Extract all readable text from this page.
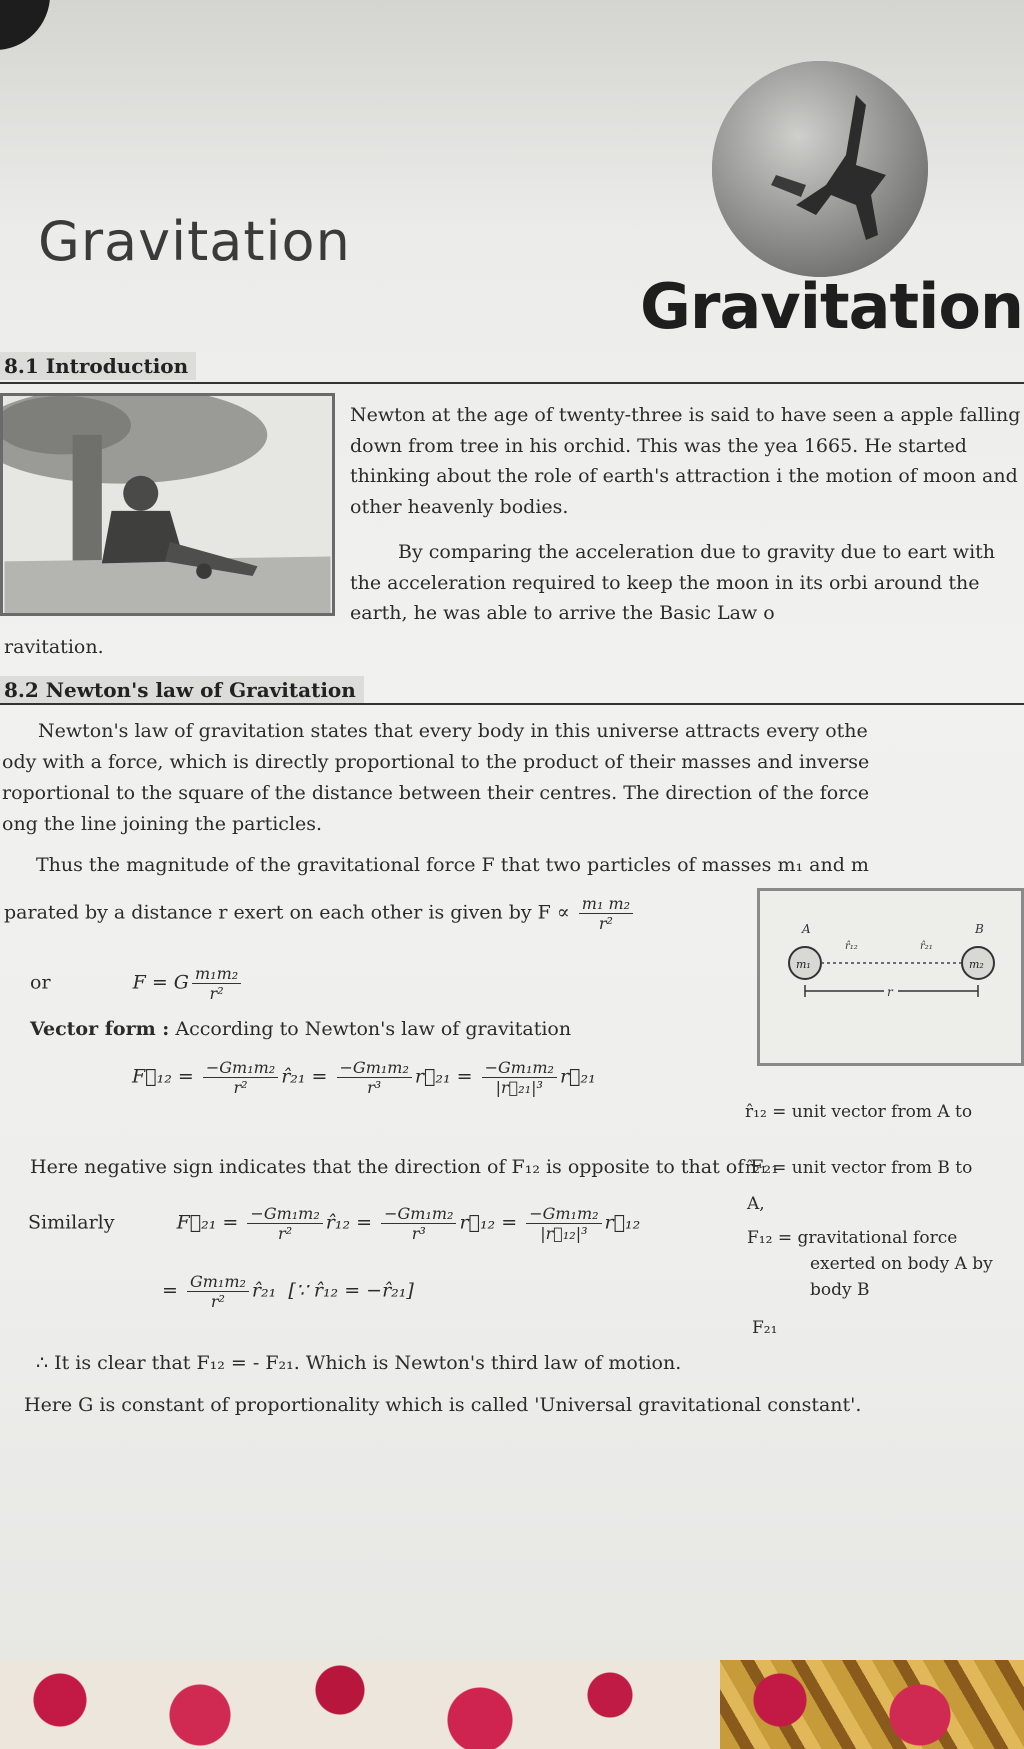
Gravitation
Gravitation
8.1 Introduction

Newton at the age of twenty-three is said to have seen a apple falling down from tree in his orchid. This was the yea 1665. He started thinking about the role of earth's attraction i the motion of moon and other heavenly bodies.

By comparing the acceleration due to gravity due to eart with the acceleration required to keep the moon in its orbi around the earth, he was able to arrive the Basic Law o

ravitation.

8.2 Newton's law of Gravitation

Newton's law of gravitation states that every body in this universe attracts every othe

ody with a force, which is directly proportional to the product of their masses and inverse

roportional to the square of the distance between their centres. The direction of the force

ong the line joining the particles.

Thus the magnitude of the gravitational force F that two particles of masses m₁ and m

parated by a distance r exert on each other is given by $F \propto \frac{\text{m₁ m₂}}{\text{r²}}$
or	F = G $\frac{\text{m₁m₂}}{\text{r²}}$
Vector form : According to Newton's law of gravitation
F⃗₁₂ = $\frac{\text{−Gm₁m₂}}{\text{r²}}$ r̂₂₁ = $\frac{\text{−Gm₁m₂}}{\text{r³}}$ r⃗₂₁ = $\frac{\text{−Gm₁m₂}}{\text{|r⃗₂₁|³}}$ r⃗₂₁
A	B
m₁	m₂
r̂₁₂	r̂₂₁
r
r̂₁₂ = unit vector from A to
r̂₂₁ = unit vector from B to
Here negative sign indicates that the direction of F₁₂ is opposite to that of F₂₁
Similarly	F⃗₂₁ = $\frac{\text{−Gm₁m₂}}{\text{r²}}$ r̂₁₂ = $\frac{\text{−Gm₁m₂}}{\text{r³}}$ r⃗₁₂ = $\frac{\text{−Gm₁m₂}}{\text{|r⃗₁₂|³}}$ r⃗₁₂
A,
F₁₂ = gravitational force
exerted on body A by
body B
= $\frac{\text{Gm₁m₂}}{\text{r²}}$ r̂₂₁  [∵ r̂₁₂ = −r̂₂₁]
F₂₁
∴ It is clear that F₁₂ = - F₂₁. Which is Newton's third law of motion.
Here G is constant of proportionality which is called 'Universal gravitational constant'.
